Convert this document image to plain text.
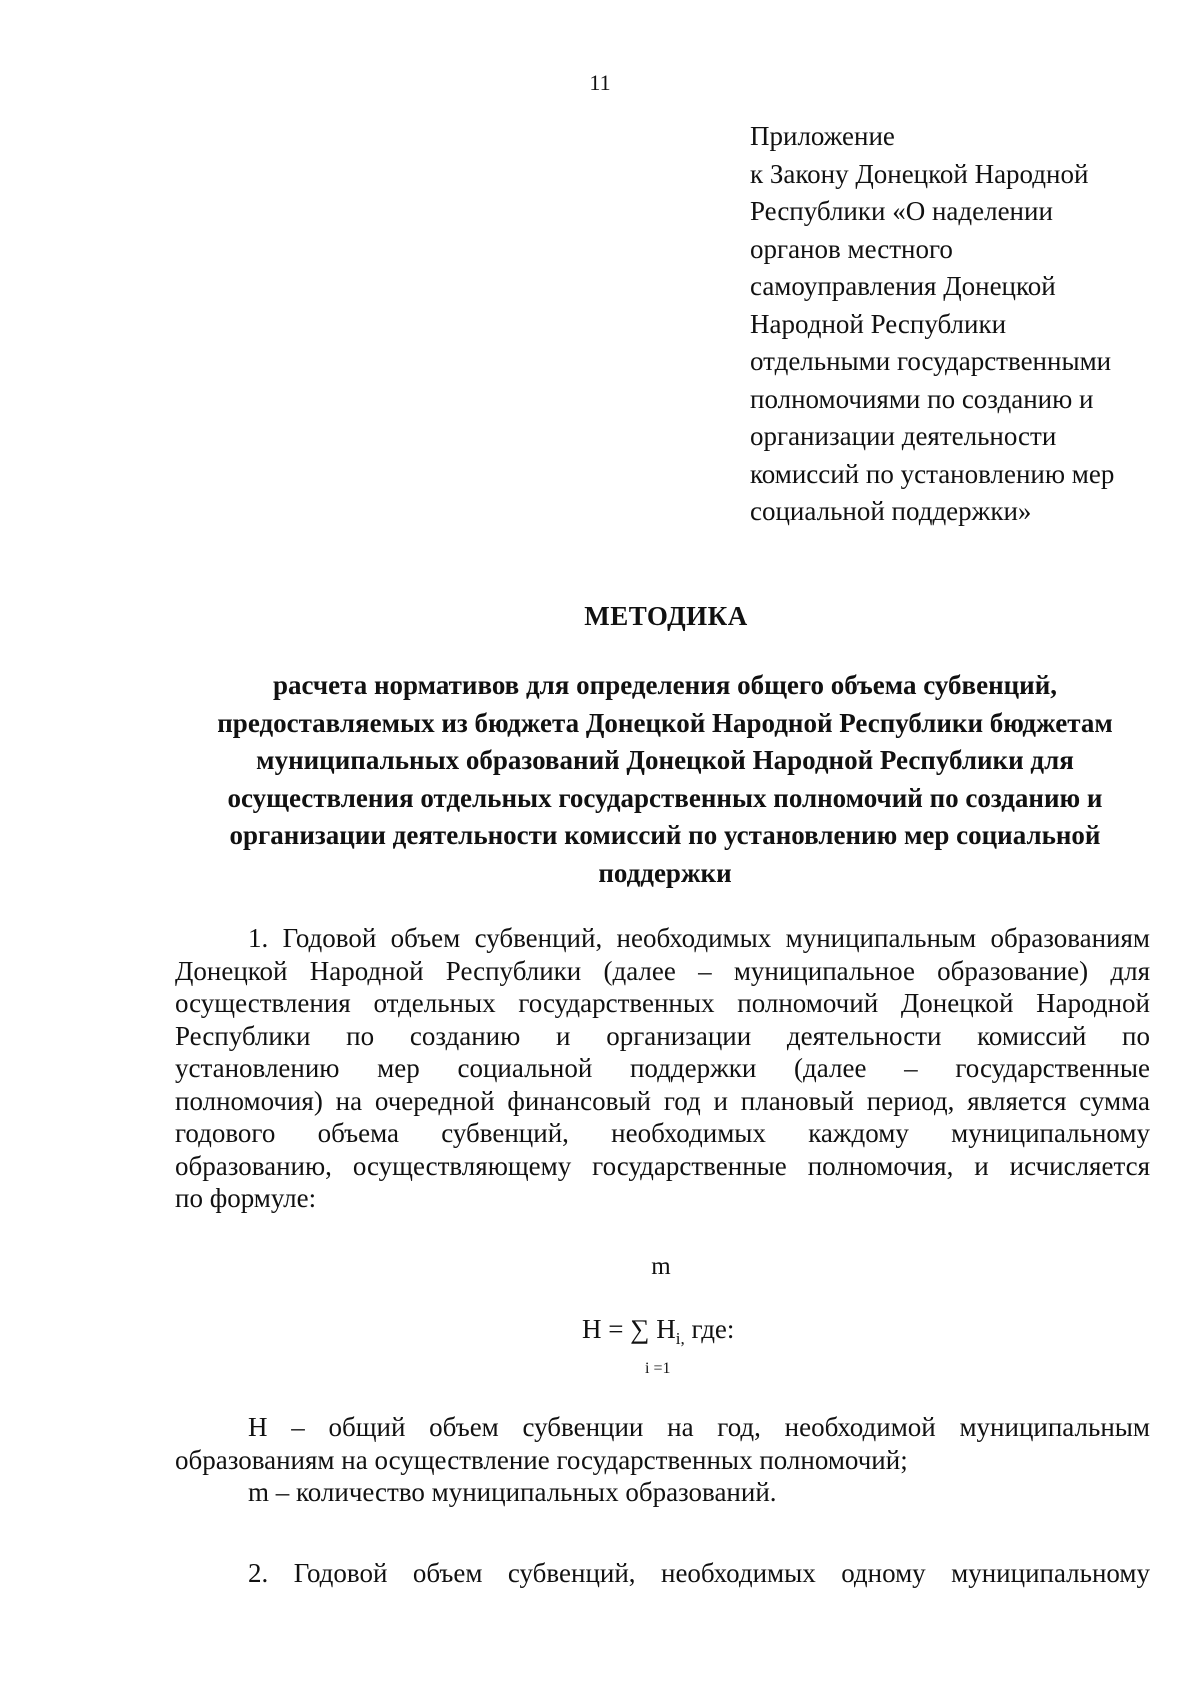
11
Приложение
к Закону Донецкой Народной
Республики «О наделении
органов местного
самоуправления Донецкой
Народной Республики
отдельными государственными
полномочиями по созданию и
организации деятельности
комиссий по установлению мер
социальной поддержки»
МЕТОДИКА
расчета нормативов для определения общего объема субвенций,
предоставляемых из бюджета Донецкой Народной Республики бюджетам
муниципальных образований Донецкой Народной Республики для
осуществления отдельных государственных полномочий по созданию и
организации деятельности комиссий по установлению мер социальной
поддержки
1. Годовой объем субвенций, необходимых муниципальным образованиям
Донецкой Народной Республики (далее – муниципальное образование) для
осуществления отдельных государственных полномочий Донецкой Народной
Республики по созданию и организации деятельности комиссий по
установлению мер социальной поддержки (далее – государственные
полномочия) на очередной финансовый год и плановый период, является сумма
годового объема субвенций, необходимых каждому муниципальному
образованию, осуществляющему государственные полномочия, и исчисляется
по формуле:
m
Н = ∑ $Н_{i,}$ где:
i =1
Н – общий объем субвенции на год, необходимой муниципальным
образованиям на осуществление государственных полномочий;
m – количество муниципальных образований.
2. Годовой объем субвенций, необходимых одному муниципальному
